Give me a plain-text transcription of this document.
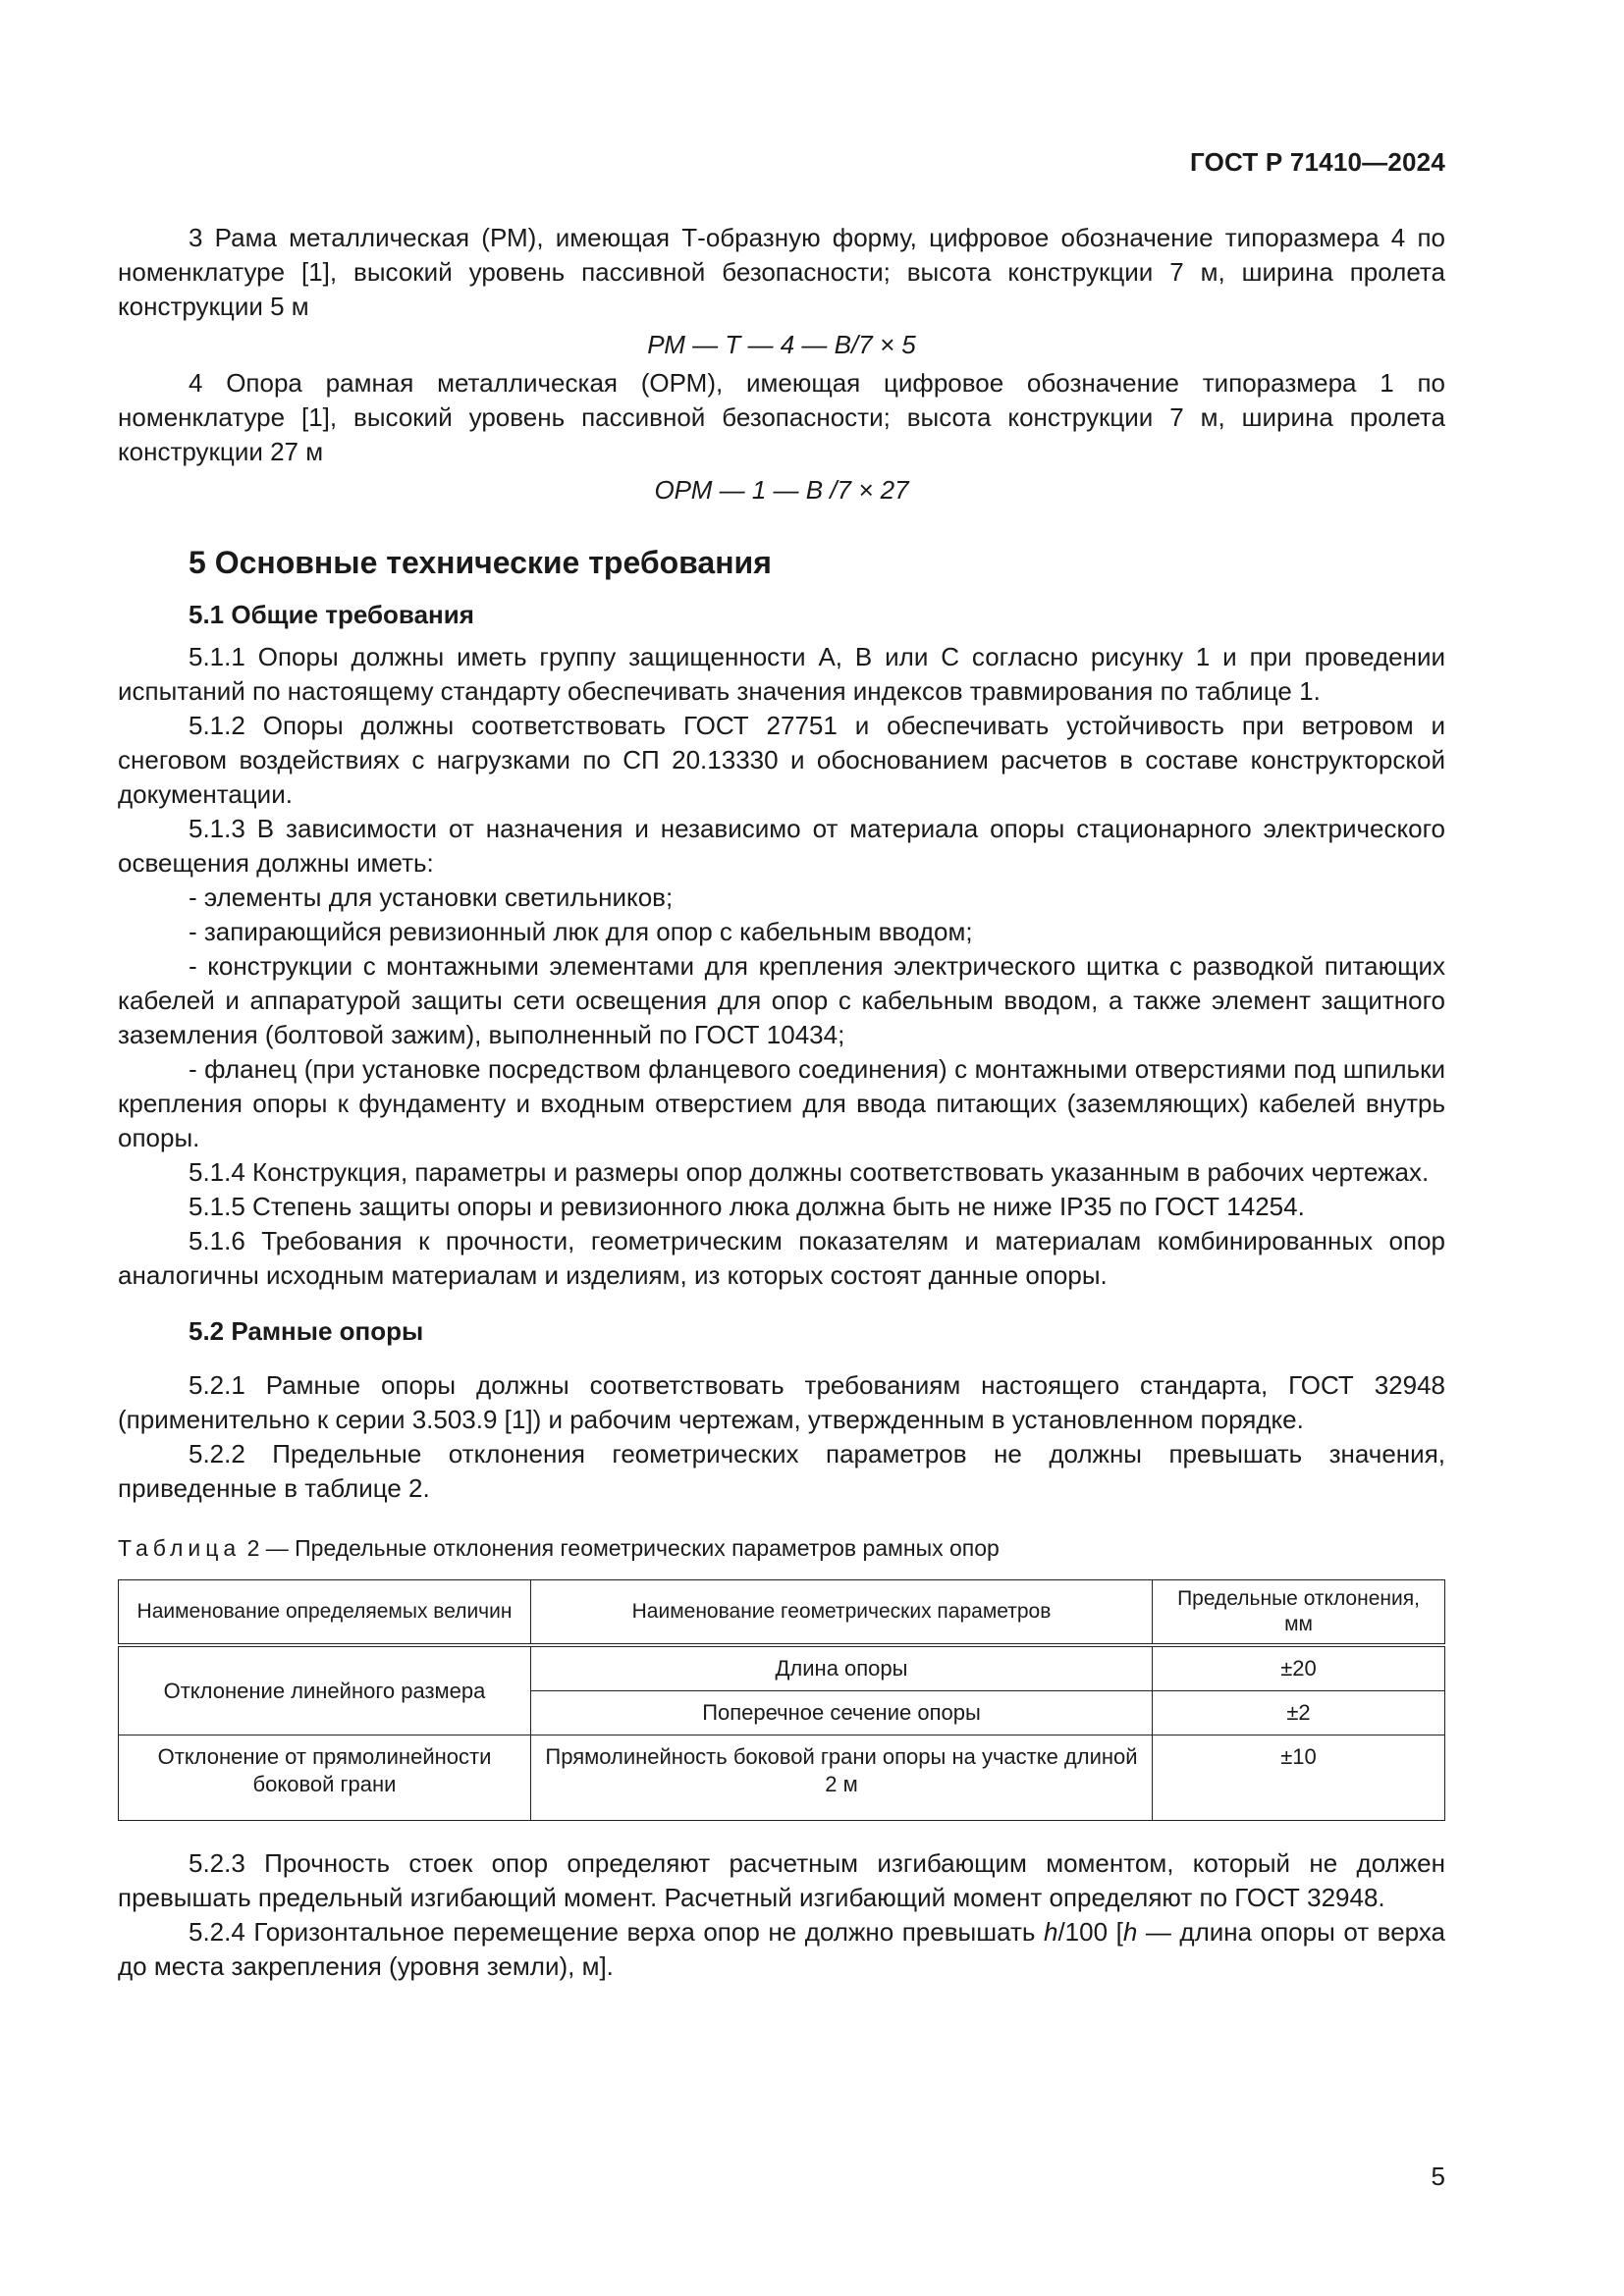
ГОСТ Р 71410—2024

3 Рама металлическая (РМ), имеющая Т-образную форму, цифровое обозначение типоразмера 4 по номенклатуре [1], высокий уровень пассивной безопасности; высота конструкции 7 м, ширина пролета конструкции 5 м

РМ — Т — 4 — В/7 × 5

4 Опора рамная металлическая (ОРМ), имеющая цифровое обозначение типоразмера 1 по номенклатуре [1], высокий уровень пассивной безопасности; высота конструкции 7 м, ширина пролета конструкции 27 м

ОРМ — 1 — В /7 × 27

5 Основные технические требования
5.1 Общие требования

5.1.1 Опоры должны иметь группу защищенности А, В или С согласно рисунку 1 и при проведении испытаний по настоящему стандарту обеспечивать значения индексов травмирования по таблице 1.

5.1.2 Опоры должны соответствовать ГОСТ 27751 и обеспечивать устойчивость при ветровом и снеговом воздействиях с нагрузками по СП 20.13330 и обоснованием расчетов в составе конструкторской документации.

5.1.3 В зависимости от назначения и независимо от материала опоры стационарного электрического освещения должны иметь:

- элементы для установки светильников;

- запирающийся ревизионный люк для опор с кабельным вводом;

- конструкции с монтажными элементами для крепления электрического щитка с разводкой питающих кабелей и аппаратурой защиты сети освещения для опор с кабельным вводом, а также элемент защитного заземления (болтовой зажим), выполненный по ГОСТ 10434;

- фланец (при установке посредством фланцевого соединения) с монтажными отверстиями под шпильки крепления опоры к фундаменту и входным отверстием для ввода питающих (заземляющих) кабелей внутрь опоры.

5.1.4 Конструкция, параметры и размеры опор должны соответствовать указанным в рабочих чертежах.

5.1.5 Степень защиты опоры и ревизионного люка должна быть не ниже IP35 по ГОСТ 14254.

5.1.6 Требования к прочности, геометрическим показателям и материалам комбинированных опор аналогичны исходным материалам и изделиям, из которых состоят данные опоры.

5.2 Рамные опоры

5.2.1 Рамные опоры должны соответствовать требованиям настоящего стандарта, ГОСТ 32948 (применительно к серии 3.503.9 [1]) и рабочим чертежам, утвержденным в установленном порядке.

5.2.2 Предельные отклонения геометрических параметров не должны превышать значения, приведенные в таблице 2.

Таблица 2 — Предельные отклонения геометрических параметров рамных опор

Наименование определяемых величин	Наименование геометрических параметров	Предельные отклонения, мм
Отклонение линейного размера	Длина опоры	±20
	Поперечное сечение опоры	±2
Отклонение от прямолинейности боковой грани	Прямолинейность боковой грани опоры на участке длиной 2 м	±10

5.2.3 Прочность стоек опор определяют расчетным изгибающим моментом, который не должен превышать предельный изгибающий момент. Расчетный изгибающий момент определяют по ГОСТ 32948.

5.2.4 Горизонтальное перемещение верха опор не должно превышать h/100 [h — длина опоры от верха до места закрепления (уровня земли), м].

5
